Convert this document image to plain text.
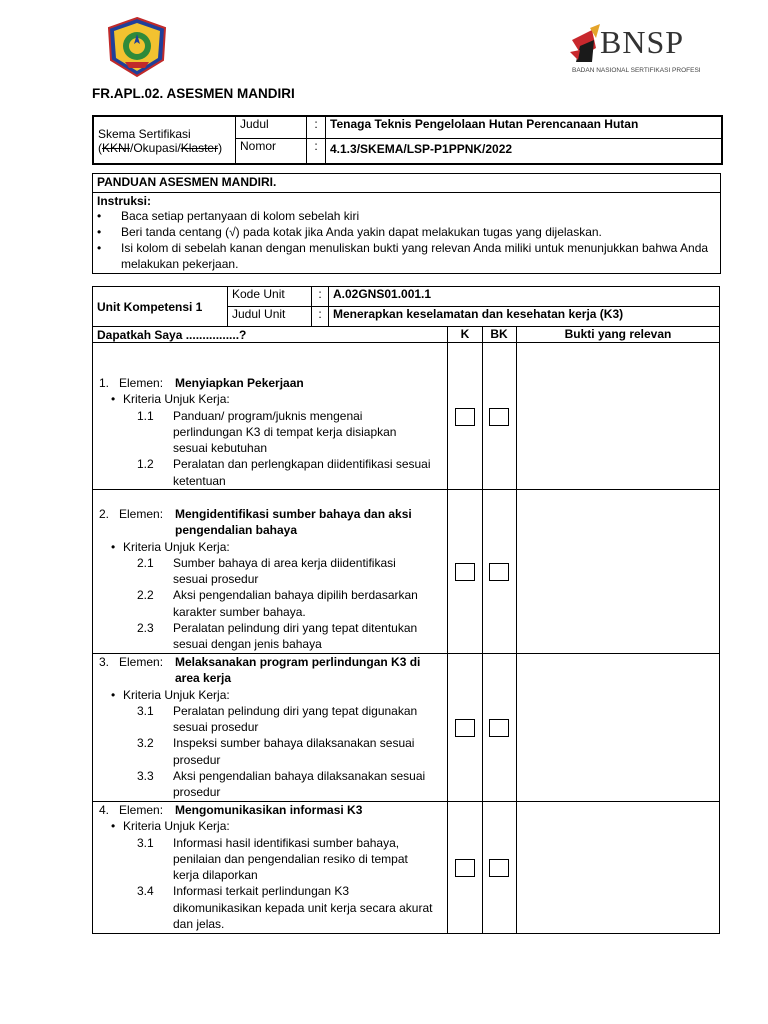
BNSP
BADAN NASIONAL SERTIFIKASI PROFESI
FR.APL.02. ASESMEN MANDIRI
Skema Sertifikasi
(KKNI/Okupasi/Klaster)	Judul	:	Tenaga Teknis Pengelolaan Hutan Perencanaan Hutan
	Nomor	:	4.1.3/SKEMA/LSP-P1PPNK/2022
PANDUAN ASESMEN MANDIRI.
Instruksi:
• Baca setiap pertanyaan di kolom sebelah kiri
• Beri tanda centang (√) pada kotak jika Anda yakin dapat melakukan tugas yang dijelaskan.
• Isi kolom di sebelah kanan dengan menuliskan bukti yang relevan Anda miliki untuk menunjukkan bahwa Anda melakukan pekerjaan.
Unit Kompetensi 1	Kode Unit	:	A.02GNS01.001.1
	Judul Unit	:	Menerapkan keselamatan dan kesehatan kerja (K3)
Dapatkah Saya ................?	K	BK	Bukti yang relevan
1. Elemen: Menyiapkan Pekerjaan
• Kriteria Unjuk Kerja:
1.1	Panduan/ program/juknis mengenai perlindungan K3 di tempat kerja disiapkan sesuai kebutuhan
1.2	Peralatan dan perlengkapan diidentifikasi sesuai ketentuan
2. Elemen: Mengidentifikasi sumber bahaya dan aksi pengendalian bahaya
• Kriteria Unjuk Kerja:
2.1	Sumber bahaya di area kerja diidentifikasi sesuai prosedur
2.2	Aksi pengendalian bahaya dipilih berdasarkan karakter sumber bahaya.
2.3	Peralatan pelindung diri yang tepat ditentukan sesuai dengan jenis bahaya
3. Elemen: Melaksanakan program perlindungan K3 di area kerja
• Kriteria Unjuk Kerja:
3.1	Peralatan pelindung diri yang tepat digunakan sesuai prosedur
3.2	Inspeksi sumber bahaya dilaksanakan sesuai prosedur
3.3	Aksi pengendalian bahaya dilaksanakan sesuai prosedur
4. Elemen: Mengomunikasikan informasi K3
• Kriteria Unjuk Kerja:
3.1	Informasi hasil identifikasi sumber bahaya, penilaian dan pengendalian resiko di tempat kerja dilaporkan
3.4	Informasi terkait perlindungan K3 dikomunikasikan kepada unit kerja secara akurat dan jelas.
